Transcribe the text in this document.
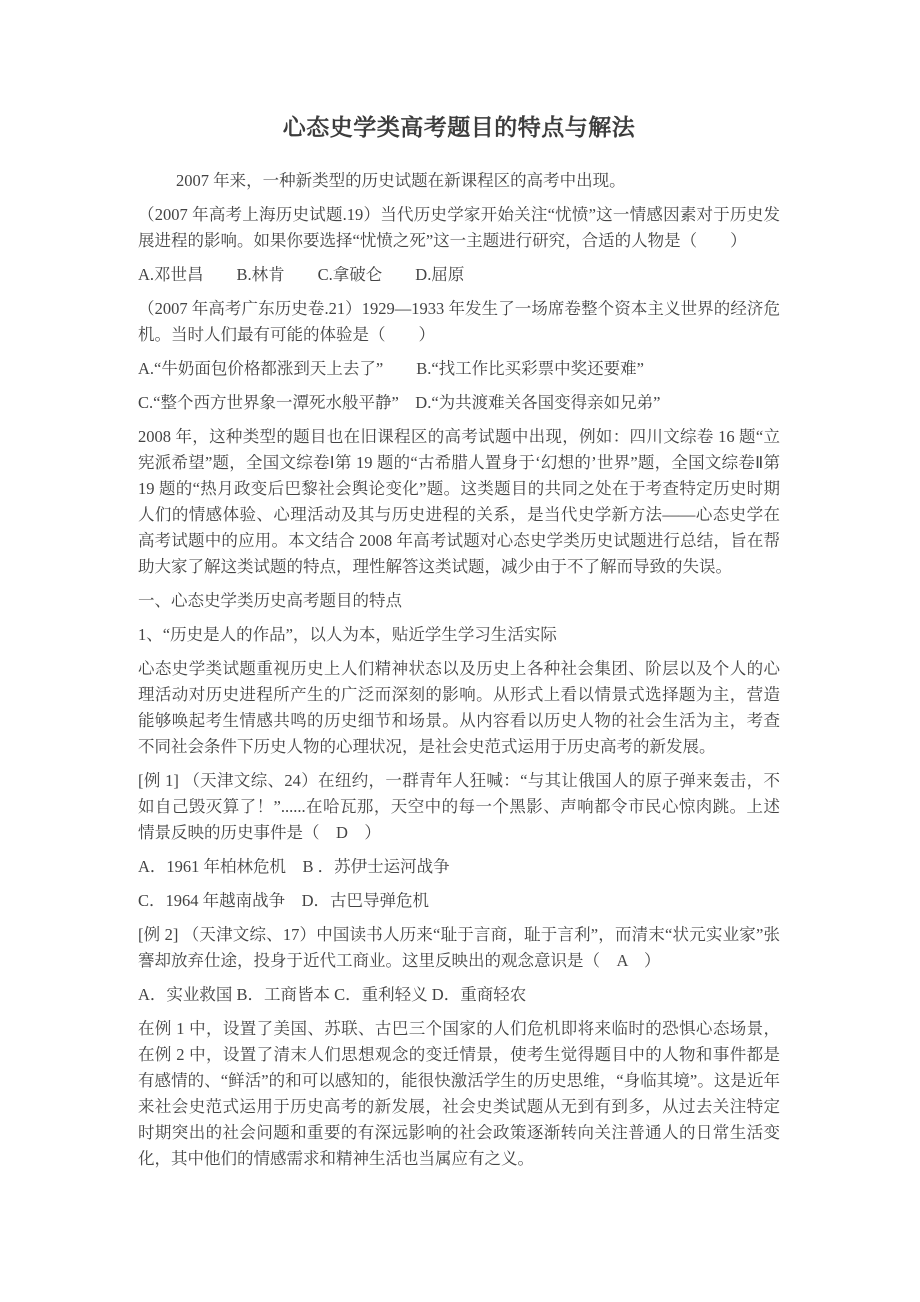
心态史学类高考题目的特点与解法

2007 年来，一种新类型的历史试题在新课程区的高考中出现。

（2007 年高考上海历史试题.19）当代历史学家开始关注“忧愤”这一情感因素对于历史发展进程的影响。如果你要选择“忧愤之死”这一主题进行研究，合适的人物是（　　）

A.邓世昌　　B.林肯　　C.拿破仑　　D.屈原

（2007 年高考广东历史卷.21）1929—1933 年发生了一场席卷整个资本主义世界的经济危机。当时人们最有可能的体验是（　　）

A.“牛奶面包价格都涨到天上去了”　　B.“找工作比买彩票中奖还要难”

C.“整个西方世界象一潭死水般平静”　D.“为共渡难关各国变得亲如兄弟”

2008 年，这种类型的题目也在旧课程区的高考试题中出现，例如：四川文综卷 16 题“立宪派希望”题，全国文综卷Ⅰ第 19 题的“古希腊人置身于‘幻想的’世界”题，全国文综卷Ⅱ第 19 题的“热月政变后巴黎社会舆论变化”题。这类题目的共同之处在于考查特定历史时期人们的情感体验、心理活动及其与历史进程的关系，是当代史学新方法——心态史学在高考试题中的应用。本文结合 2008 年高考试题对心态史学类历史试题进行总结，旨在帮助大家了解这类试题的特点，理性解答这类试题，减少由于不了解而导致的失误。

一、心态史学类历史高考题目的特点

1、“历史是人的作品”，以人为本，贴近学生学习生活实际

心态史学类试题重视历史上人们精神状态以及历史上各种社会集团、阶层以及个人的心理活动对历史进程所产生的广泛而深刻的影响。从形式上看以情景式选择题为主，营造能够唤起考生情感共鸣的历史细节和场景。从内容看以历史人物的社会生活为主，考查不同社会条件下历史人物的心理状况，是社会史范式运用于历史高考的新发展。

[例 1] （天津文综、24）在纽约，一群青年人狂喊：“与其让俄国人的原子弹来轰击，不如自己毁灭算了！”......在哈瓦那，天空中的每一个黑影、声响都令市民心惊肉跳。上述情景反映的历史事件是（　D　）

A．1961 年柏林危机　B ．苏伊士运河战争

C．1964 年越南战争　D．古巴导弹危机

[例 2] （天津文综、17）中国读书人历来“耻于言商，耻于言利”，而清末“状元实业家”张謇却放弃仕途，投身于近代工商业。这里反映出的观念意识是（　A　）

A．实业救国 B．工商皆本 C．重利轻义 D．重商轻农

在例 1 中，设置了美国、苏联、古巴三个国家的人们危机即将来临时的恐惧心态场景，在例 2 中，设置了清末人们思想观念的变迁情景，使考生觉得题目中的人物和事件都是有感情的、“鲜活”的和可以感知的，能很快激活学生的历史思维，“身临其境”。这是近年来社会史范式运用于历史高考的新发展，社会史类试题从无到有到多，从过去关注特定时期突出的社会问题和重要的有深远影响的社会政策逐渐转向关注普通人的日常生活变化，其中他们的情感需求和精神生活也当属应有之义。
